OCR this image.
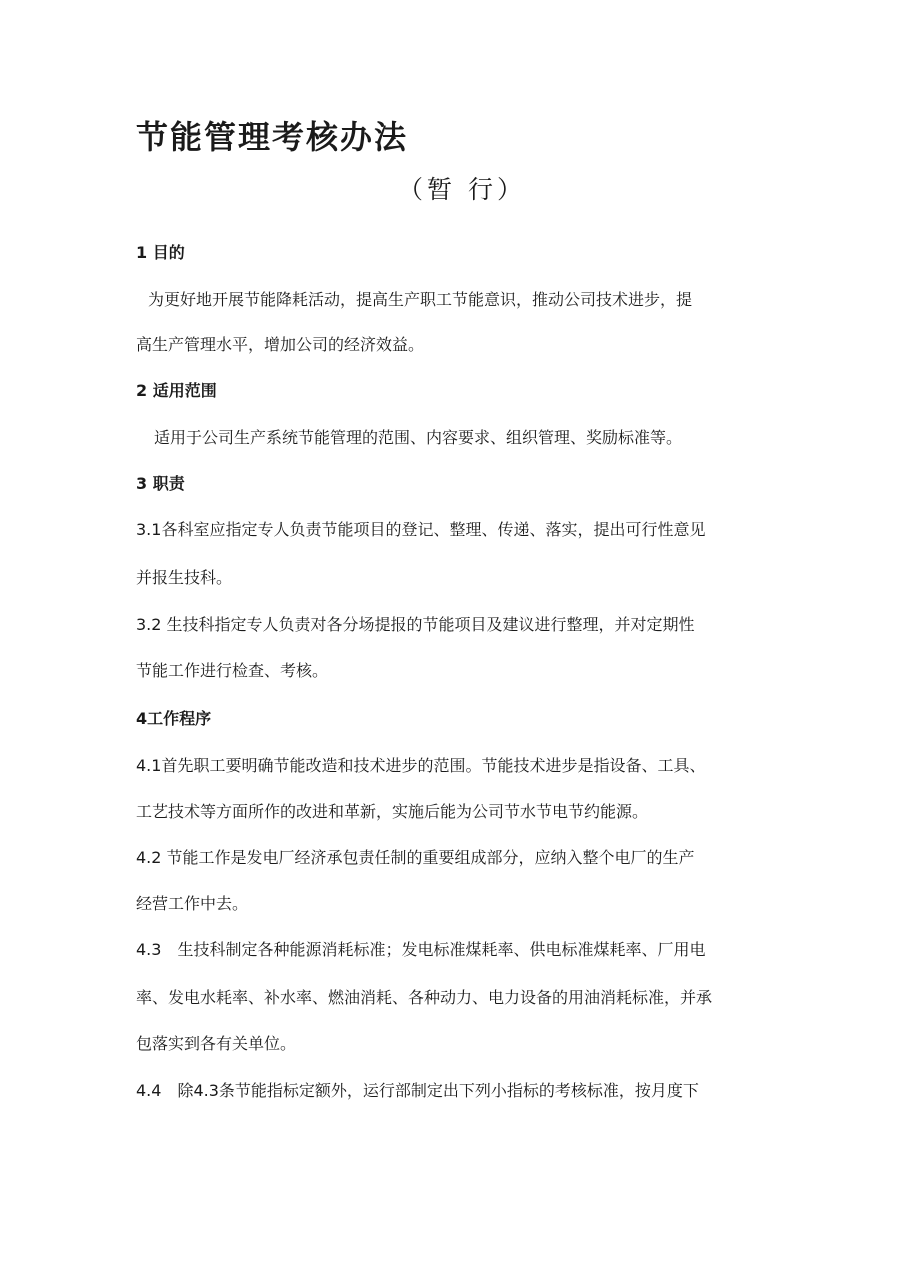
节能管理考核办法
（暂 行）
1 目的
为更好地开展节能降耗活动，提高生产职工节能意识，推动公司技术进步，提
高生产管理水平，增加公司的经济效益。
2 适用范围
适用于公司生产系统节能管理的范围、内容要求、组织管理、奖励标准等。
3 职责
3.1各科室应指定专人负责节能项目的登记、整理、传递、落实，提出可行性意见
并报生技科。
3.2 生技科指定专人负责对各分场提报的节能项目及建议进行整理，并对定期性
节能工作进行检查、考核。
4工作程序
4.1首先职工要明确节能改造和技术进步的范围。节能技术进步是指设备、工具、
工艺技术等方面所作的改进和革新，实施后能为公司节水节电节约能源。
4.2 节能工作是发电厂经济承包责任制的重要组成部分，应纳入整个电厂的生产
经营工作中去。
4.3　生技科制定各种能源消耗标准；发电标准煤耗率、供电标准煤耗率、厂用电
率、发电水耗率、补水率、燃油消耗、各种动力、电力设备的用油消耗标准，并承
包落实到各有关单位。
4.4　除4.3条节能指标定额外，运行部制定出下列小指标的考核标准，按月度下
